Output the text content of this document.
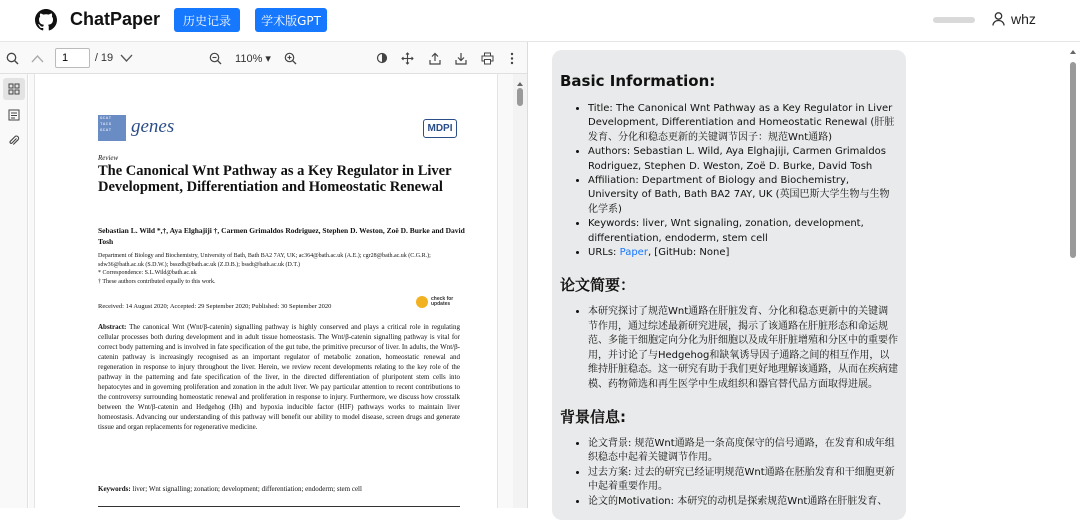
ChatPaper	历史记录	学术版GPT	whz
/ 19	110% ▾
1
GCAT
TACG
GCAT genes	MDPI
Review
The Canonical Wnt Pathway as a Key Regulator in Liver Development, Differentiation and Homeostatic Renewal
Sebastian L. Wild *,†, Aya Elghajiji †, Carmen Grimaldos Rodriguez, Stephen D. Weston, Zoë D. Burke and David Tosh
Department of Biology and Biochemistry, University of Bath, Bath BA2 7AY, UK; ac364@bath.ac.uk (A.E.); cgr28@bath.ac.uk (C.G.R.); sdw36@bath.ac.uk (S.D.W.); bsszdb@bath.ac.uk (Z.D.B.); bssdt@bath.ac.uk (D.T.)
* Correspondence: S.L.Wild@bath.ac.uk
† These authors contributed equally to this work.
Received: 14 August 2020; Accepted: 29 September 2020; Published: 30 September 2020
check for updates
Abstract: The canonical Wnt (Wnt/β-catenin) signalling pathway is highly conserved and plays a critical role in regulating cellular processes both during development and in adult tissue homeostasis. The Wnt/β-catenin signalling pathway is vital for correct body patterning and is involved in fate specification of the gut tube, the primitive precursor of liver. In adults, the Wnt/β-catenin pathway is increasingly recognised as an important regulator of metabolic zonation, homeostatic renewal and regeneration in response to injury throughout the liver. Herein, we review recent developments relating to the key role of the pathway in the patterning and fate specification of the liver, in the directed differentiation of pluripotent stem cells into hepatocytes and in governing proliferation and zonation in the adult liver. We pay particular attention to recent contributions to the controversy surrounding homeostatic renewal and proliferation in response to injury. Furthermore, we discuss how crosstalk between the Wnt/β-catenin and Hedgehog (Hh) and hypoxia inducible factor (HIF) pathways works to maintain liver homeostasis. Advancing our understanding of this pathway will benefit our ability to model disease, screen drugs and generate tissue and organ replacements for regenerative medicine.
Keywords: liver; Wnt signalling; zonation; development; differentiation; endoderm; stem cell
Basic Information:
• Title: The Canonical Wnt Pathway as a Key Regulator in Liver Development, Differentiation and Homeostatic Renewal (肝脏发育、分化和稳态更新的关键调节因子：规范Wnt通路)
• Authors: Sebastian L. Wild, Aya Elghajiji, Carmen Grimaldos Rodriguez, Stephen D. Weston, Zoë D. Burke, David Tosh
• Affiliation: Department of Biology and Biochemistry, University of Bath, Bath BA2 7AY, UK (英国巴斯大学生物与生物化学系)
• Keywords: liver, Wnt signaling, zonation, development, differentiation, endoderm, stem cell
• URLs: Paper, [GitHub: None]
论文简要：
• 本研究探讨了规范Wnt通路在肝脏发育、分化和稳态更新中的关键调节作用，通过综述最新研究进展，揭示了该通路在肝脏形态和命运规范、多能干细胞定向分化为肝细胞以及成年肝脏增殖和分区中的重要作用，并讨论了与Hedgehog和缺氧诱导因子通路之间的相互作用，以维持肝脏稳态。这一研究有助于我们更好地理解该通路，从而在疾病建模、药物筛选和再生医学中生成组织和器官替代品方面取得进展。
背景信息:
• 论文背景: 规范Wnt通路是一条高度保守的信号通路，在发育和成年组织稳态中起着关键调节作用。
• 过去方案: 过去的研究已经证明规范Wnt通路在胚胎发育和干细胞更新中起着重要作用。
• 论文的Motivation: 本研究的动机是探索规范Wnt通路在肝脏发育、
